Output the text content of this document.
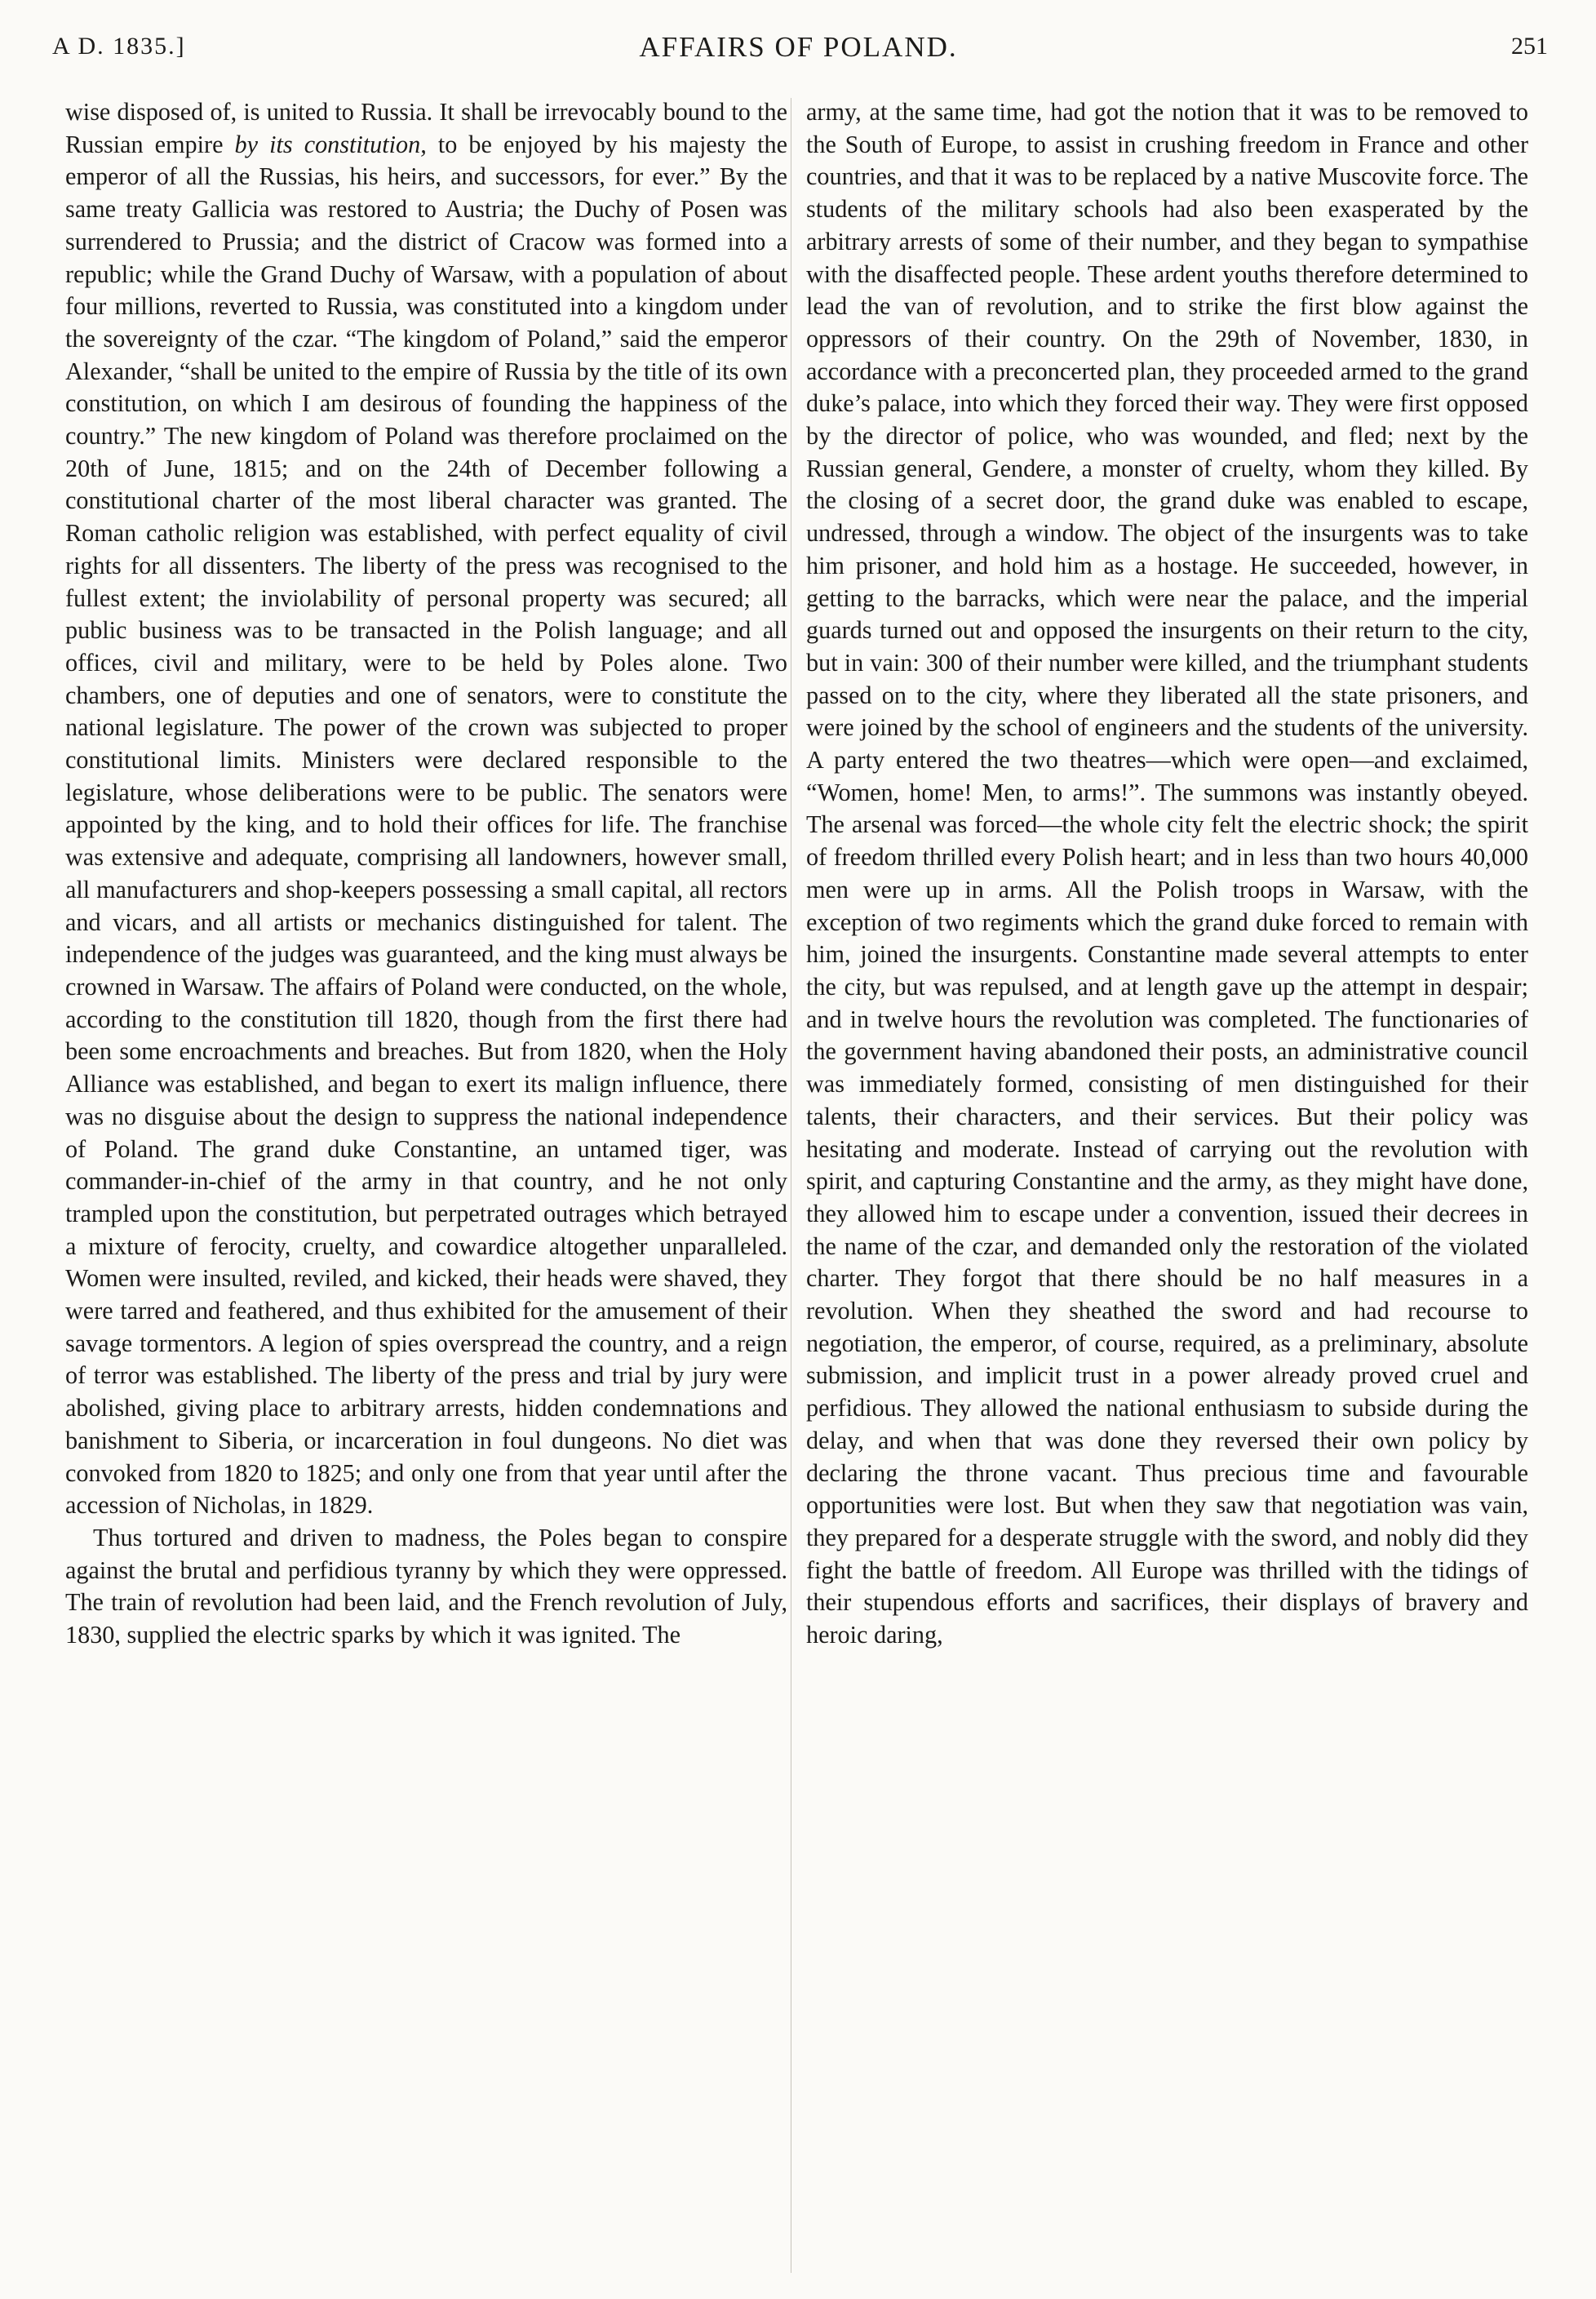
A D. 1835.]	AFFAIRS OF POLAND.	251

wise disposed of, is united to Russia. It shall be irrevocably bound to the Russian empire by its constitution, to be enjoyed by his majesty the emperor of all the Russias, his heirs, and successors, for ever.” By the same treaty Gallicia was restored to Austria; the Duchy of Posen was surrendered to Prussia; and the district of Cracow was formed into a republic; while the Grand Duchy of Warsaw, with a population of about four millions, reverted to Russia, was constituted into a kingdom under the sovereignty of the czar. “The kingdom of Poland,” said the emperor Alexander, “shall be united to the empire of Russia by the title of its own constitution, on which I am desirous of founding the happiness of the country.” The new kingdom of Poland was therefore proclaimed on the 20th of June, 1815; and on the 24th of December following a constitutional charter of the most liberal character was granted. The Roman catholic religion was established, with perfect equality of civil rights for all dissenters. The liberty of the press was recognised to the fullest extent; the inviolability of personal property was secured; all public business was to be transacted in the Polish language; and all offices, civil and military, were to be held by Poles alone. Two chambers, one of deputies and one of senators, were to constitute the national legislature. The power of the crown was subjected to proper constitutional limits. Ministers were declared responsible to the legislature, whose deliberations were to be public. The senators were appointed by the king, and to hold their offices for life. The franchise was extensive and adequate, comprising all landowners, however small, all manufacturers and shop-keepers possessing a small capital, all rectors and vicars, and all artists or mechanics distinguished for talent. The independence of the judges was guaranteed, and the king must always be crowned in Warsaw. The affairs of Poland were conducted, on the whole, according to the constitution till 1820, though from the first there had been some encroachments and breaches. But from 1820, when the Holy Alliance was established, and began to exert its malign influence, there was no disguise about the design to suppress the national independence of Poland. The grand duke Constantine, an untamed tiger, was commander-in-chief of the army in that country, and he not only trampled upon the constitution, but perpetrated outrages which betrayed a mixture of ferocity, cruelty, and cowardice altogether unparalleled. Women were insulted, reviled, and kicked, their heads were shaved, they were tarred and feathered, and thus exhibited for the amusement of their savage tormentors. A legion of spies overspread the country, and a reign of terror was established. The liberty of the press and trial by jury were abolished, giving place to arbitrary arrests, hidden condemnations and banishment to Siberia, or incarceration in foul dungeons. No diet was convoked from 1820 to 1825; and only one from that year until after the accession of Nicholas, in 1829.

Thus tortured and driven to madness, the Poles began to conspire against the brutal and perfidious tyranny by which they were oppressed. The train of revolution had been laid, and the French revolution of July, 1830, supplied the electric sparks by which it was ignited. The

army, at the same time, had got the notion that it was to be removed to the South of Europe, to assist in crushing freedom in France and other countries, and that it was to be replaced by a native Muscovite force. The students of the military schools had also been exasperated by the arbitrary arrests of some of their number, and they began to sympathise with the disaffected people. These ardent youths therefore determined to lead the van of revolution, and to strike the first blow against the oppressors of their country. On the 29th of November, 1830, in accordance with a preconcerted plan, they proceeded armed to the grand duke’s palace, into which they forced their way. They were first opposed by the director of police, who was wounded, and fled; next by the Russian general, Gendere, a monster of cruelty, whom they killed. By the closing of a secret door, the grand duke was enabled to escape, undressed, through a window. The object of the insurgents was to take him prisoner, and hold him as a hostage. He succeeded, however, in getting to the barracks, which were near the palace, and the imperial guards turned out and opposed the insurgents on their return to the city, but in vain: 300 of their number were killed, and the triumphant students passed on to the city, where they liberated all the state prisoners, and were joined by the school of engineers and the students of the university. A party entered the two theatres—which were open—and exclaimed, “Women, home! Men, to arms!”. The summons was instantly obeyed. The arsenal was forced—the whole city felt the electric shock; the spirit of freedom thrilled every Polish heart; and in less than two hours 40,000 men were up in arms. All the Polish troops in Warsaw, with the exception of two regiments which the grand duke forced to remain with him, joined the insurgents. Constantine made several attempts to enter the city, but was repulsed, and at length gave up the attempt in despair; and in twelve hours the revolution was completed. The functionaries of the government having abandoned their posts, an administrative council was immediately formed, consisting of men distinguished for their talents, their characters, and their services. But their policy was hesitating and moderate. Instead of carrying out the revolution with spirit, and capturing Constantine and the army, as they might have done, they allowed him to escape under a convention, issued their decrees in the name of the czar, and demanded only the restoration of the violated charter. They forgot that there should be no half measures in a revolution. When they sheathed the sword and had recourse to negotiation, the emperor, of course, required, as a preliminary, absolute submission, and implicit trust in a power already proved cruel and perfidious. They allowed the national enthusiasm to subside during the delay, and when that was done they reversed their own policy by declaring the throne vacant. Thus precious time and favourable opportunities were lost. But when they saw that negotiation was vain, they prepared for a desperate struggle with the sword, and nobly did they fight the battle of freedom. All Europe was thrilled with the tidings of their stupendous efforts and sacrifices, their displays of bravery and heroic daring,
